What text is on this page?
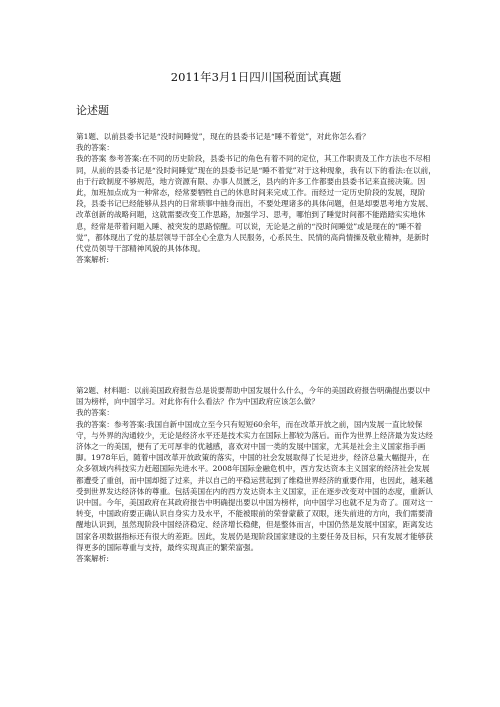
2011年3月1日四川国税面试真题
论述题

第1题、以前县委书记是“没时间睡觉”，现在的县委书记是“睡不着觉”，对此你怎么看？

我的答案：

我的答案 参考答案:在不同的历史阶段，县委书记的角色有着不同的定位，其工作职责及工作方法也不尽相同，从前的县委书记是“没时间睡觉”现在的县委书记是“睡不着觉”对于这种现象，我有以下的看法:在以前，由于行政制度不够规范，地方资源有限、办事人员匮乏，县内的许多工作都要由县委书记来直接决策。因此，加班加点成为一种常态，经常要牺牲自己的休息时间来完成工作。而经过一定历史阶段的发展，现阶段，县委书记已经能够从县内的日常琐事中抽身而出，不要处理诸多的具体问题，但是却要思考地方发展、改革创新的战略问题，这就需要改变工作思路，加强学习、思考，哪怕到了睡觉时间都不能踏踏实实地休息，经常是带着问题入睡、被突发的思路惊醒。可以说，无论是之前的“没时间睡觉”或是现在的“睡不着觉”，都体现出了党的基层领导干部全心全意为人民服务，心系民生、民情的高尚情操及敬业精神，是新时代党员领导干部精神风貌的具体体现。

答案解析:

第2题、材料题：以前美国政府报告总是说要帮助中国发展什么什么，今年的美国政府报告明确提出要以中国为榜样，向中国学习。对此你有什么看法？作为中国政府应该怎么做？

我的答案：

我的答案：参考答案:我国自新中国成立至今只有短短60余年，而在改革开放之前，国内发展一直比较保守，与外界的沟通较少，无论是经济水平还是技术实力在国际上都较为落后。而作为世界上经济最为发达经济体之一的美国，便有了无可厚非的优越感，喜欢对中国一类的发展中国家，尤其是社会主义国家指手画脚。1978年后，随着中国改革开放政策的落实，中国的社会发展取得了长足进步，经济总量大幅提升，在众多领域内科技实力赶超国际先进水平。2008年国际金融危机中，西方发达资本主义国家的经济社会发展都遭受了重创，而中国却挺了过来，并以自己的平稳运营起到了维稳世界经济的重要作用，也因此，越来越受到世界发达经济体的尊重。包括美国在内的西方发达资本主义国家，正在逐步改变对中国的态度，重新认识中国。今年，美国政府在其政府报告中明确提出要以中国为榜样，向中国学习也就不足为奇了。面对这一转变，中国政府要正确认识自身实力及水平，不能被眼前的荣誉蒙蔽了双眼，迷失前进的方向，我们需要清醒地认识到，虽然现阶段中国经济稳定、经济增长稳健，但是整体而言，中国仍然是发展中国家，距离发达国家各项数据指标还有很大的差距。因此，发展仍是现阶段国家建设的主要任务及目标，只有发展才能够获得更多的国际尊重与支持，最终实现真正的繁荣富强。

答案解析:
